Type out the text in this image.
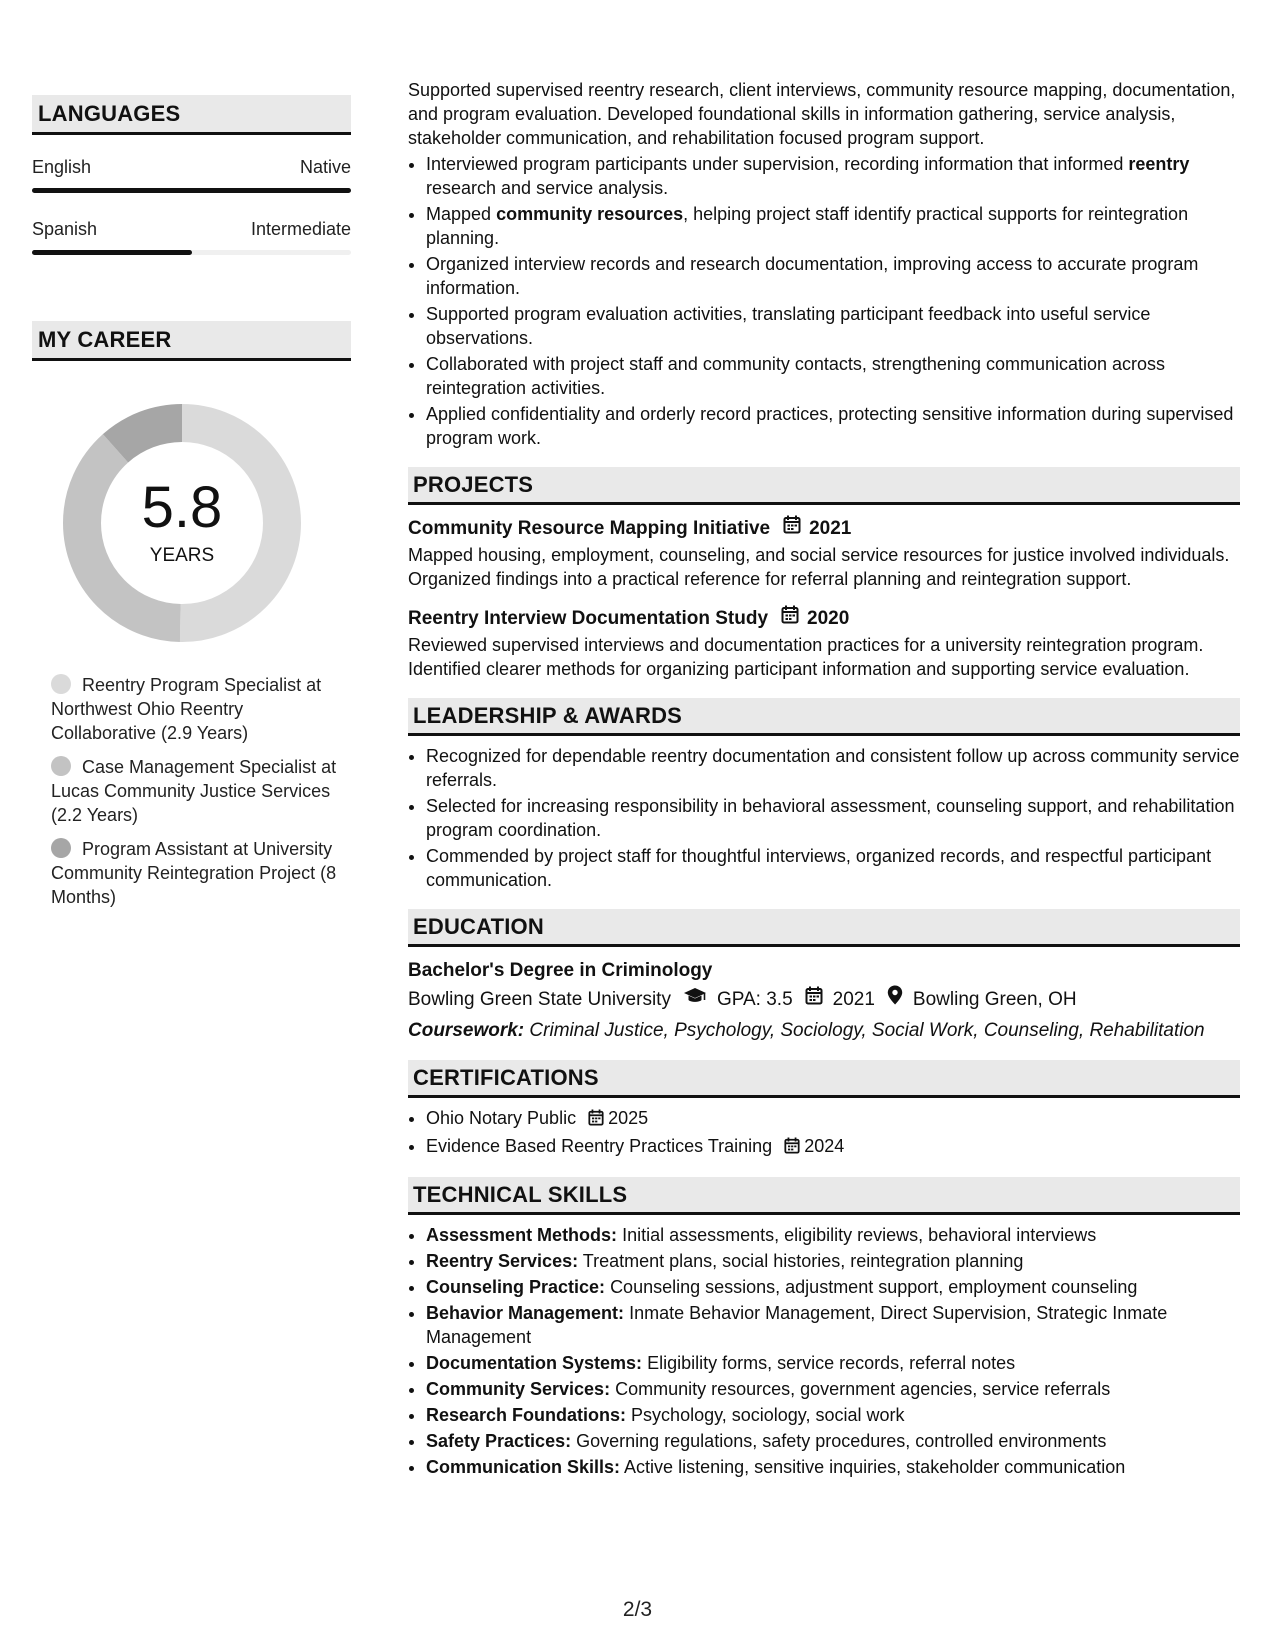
LANGUAGES
English	Native
Spanish	Intermediate
MY CAREER
5.8
YEARS
Reentry Program Specialist at Northwest Ohio Reentry Collaborative (2.9 Years)
Case Management Specialist at Lucas Community Justice Services (2.2 Years)
Program Assistant at University Community Reintegration Project (8 Months)

Supported supervised reentry research, client interviews, community resource mapping, documentation, and program evaluation. Developed foundational skills in information gathering, service analysis, stakeholder communication, and rehabilitation focused program support.

• Interviewed program participants under supervision, recording information that informed reentry research and service analysis.
• Mapped community resources, helping project staff identify practical supports for reintegration planning.
• Organized interview records and research documentation, improving access to accurate program information.
• Supported program evaluation activities, translating participant feedback into useful service observations.
• Collaborated with project staff and community contacts, strengthening communication across reintegration activities.
• Applied confidentiality and orderly record practices, protecting sensitive information during supervised program work.
PROJECTS
Community Resource Mapping Initiative 2021

Mapped housing, employment, counseling, and social service resources for justice involved individuals. Organized findings into a practical reference for referral planning and reintegration support.

Reentry Interview Documentation Study 2020

Reviewed supervised interviews and documentation practices for a university reintegration program. Identified clearer methods for organizing participant information and supporting service evaluation.

LEADERSHIP & AWARDS
• Recognized for dependable reentry documentation and consistent follow up across community service referrals.
• Selected for increasing responsibility in behavioral assessment, counseling support, and rehabilitation program coordination.
• Commended by project staff for thoughtful interviews, organized records, and respectful participant communication.
EDUCATION
Bachelor's Degree in Criminology
Bowling Green State University GPA: 3.5 2021 Bowling Green, OH
Coursework: Criminal Justice, Psychology, Sociology, Social Work, Counseling, Rehabilitation
CERTIFICATIONS
• Ohio Notary Public 2025
• Evidence Based Reentry Practices Training 2024
TECHNICAL SKILLS
• Assessment Methods: Initial assessments, eligibility reviews, behavioral interviews
• Reentry Services: Treatment plans, social histories, reintegration planning
• Counseling Practice: Counseling sessions, adjustment support, employment counseling
• Behavior Management: Inmate Behavior Management, Direct Supervision, Strategic Inmate Management
• Documentation Systems: Eligibility forms, service records, referral notes
• Community Services: Community resources, government agencies, service referrals
• Research Foundations: Psychology, sociology, social work
• Safety Practices: Governing regulations, safety procedures, controlled environments
• Communication Skills: Active listening, sensitive inquiries, stakeholder communication
2/3
